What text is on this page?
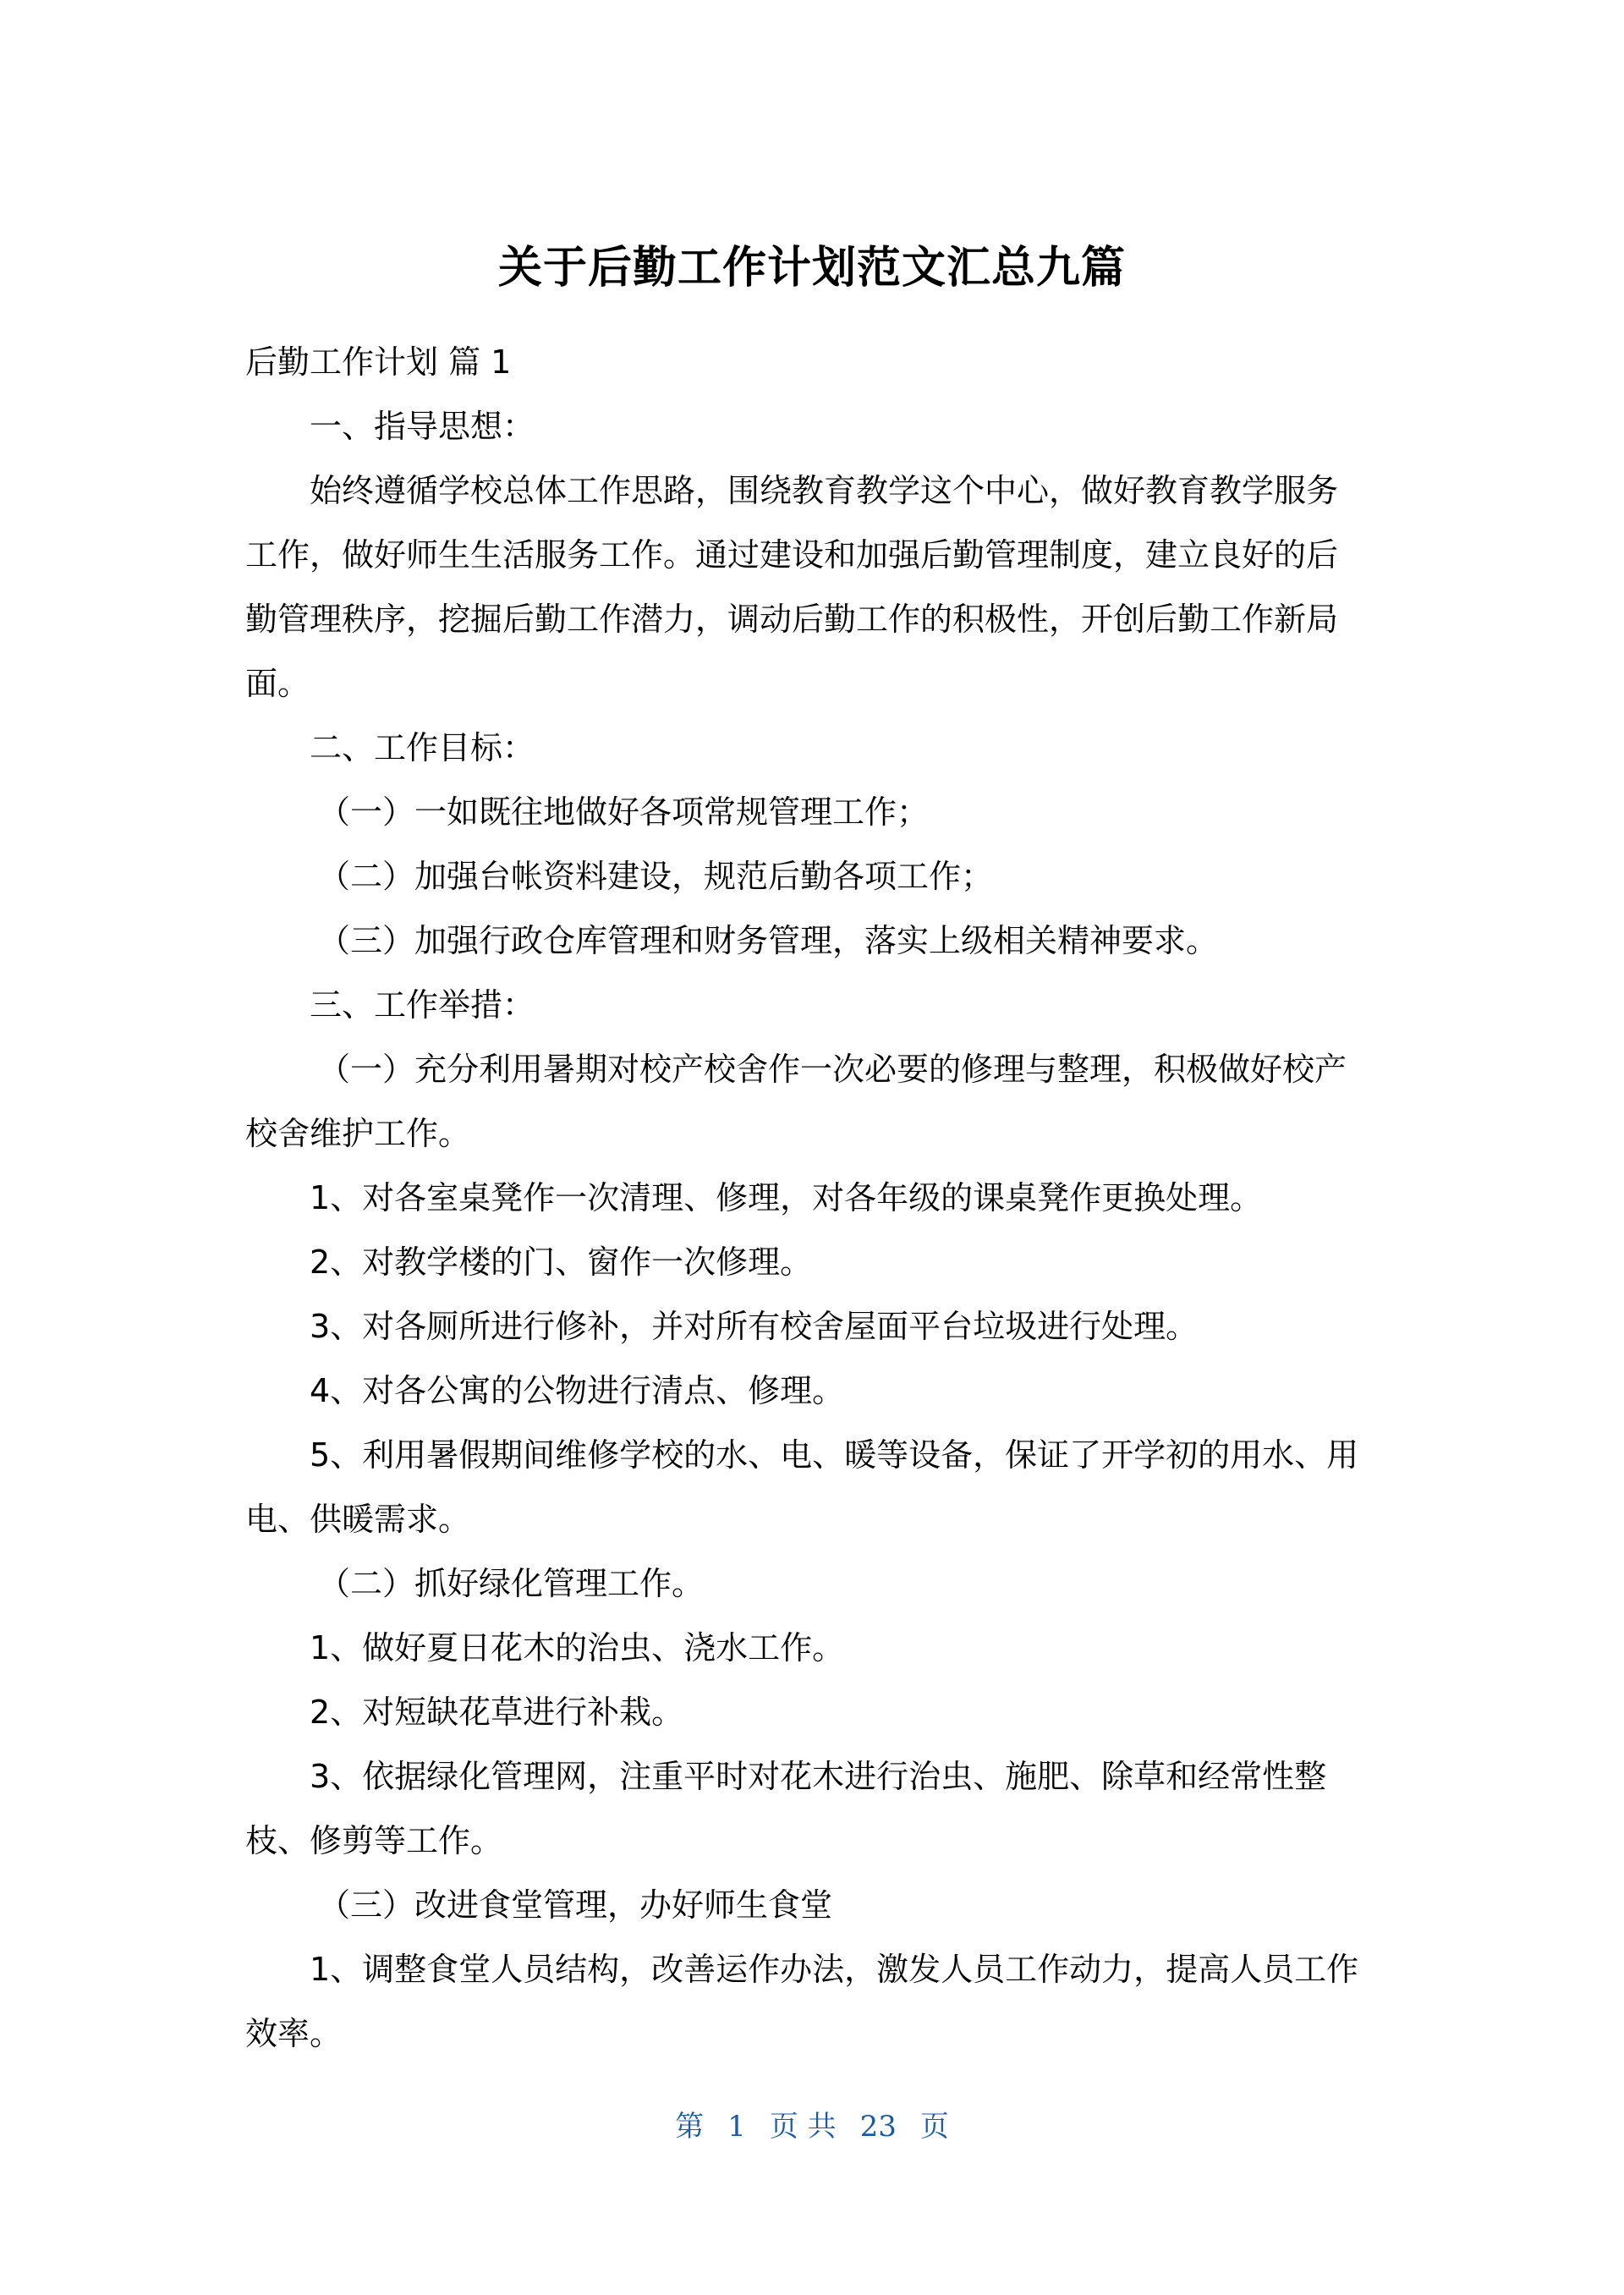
关于后勤工作计划范文汇总九篇
后勤工作计划 篇 1
一、指导思想：
始终遵循学校总体工作思路，围绕教育教学这个中心，做好教育教学服务
工作，做好师生生活服务工作。通过建设和加强后勤管理制度，建立良好的后
勤管理秩序，挖掘后勤工作潜力，调动后勤工作的积极性，开创后勤工作新局
面。
二、工作目标：
（一）一如既往地做好各项常规管理工作；
（二）加强台帐资料建设，规范后勤各项工作；
（三）加强行政仓库管理和财务管理，落实上级相关精神要求。
三、工作举措：
（一）充分利用暑期对校产校舍作一次必要的修理与整理，积极做好校产
校舍维护工作。
1、对各室桌凳作一次清理、修理，对各年级的课桌凳作更换处理。
2、对教学楼的门、窗作一次修理。
3、对各厕所进行修补，并对所有校舍屋面平台垃圾进行处理。
4、对各公寓的公物进行清点、修理。
5、利用暑假期间维修学校的水、电、暖等设备，保证了开学初的用水、用
电、供暖需求。
（二）抓好绿化管理工作。
1、做好夏日花木的治虫、浇水工作。
2、对短缺花草进行补栽。
3、依据绿化管理网，注重平时对花木进行治虫、施肥、除草和经常性整
枝、修剪等工作。
（三）改进食堂管理，办好师生食堂
1、调整食堂人员结构，改善运作办法，激发人员工作动力，提高人员工作
效率。
第 1 页 共 23 页
